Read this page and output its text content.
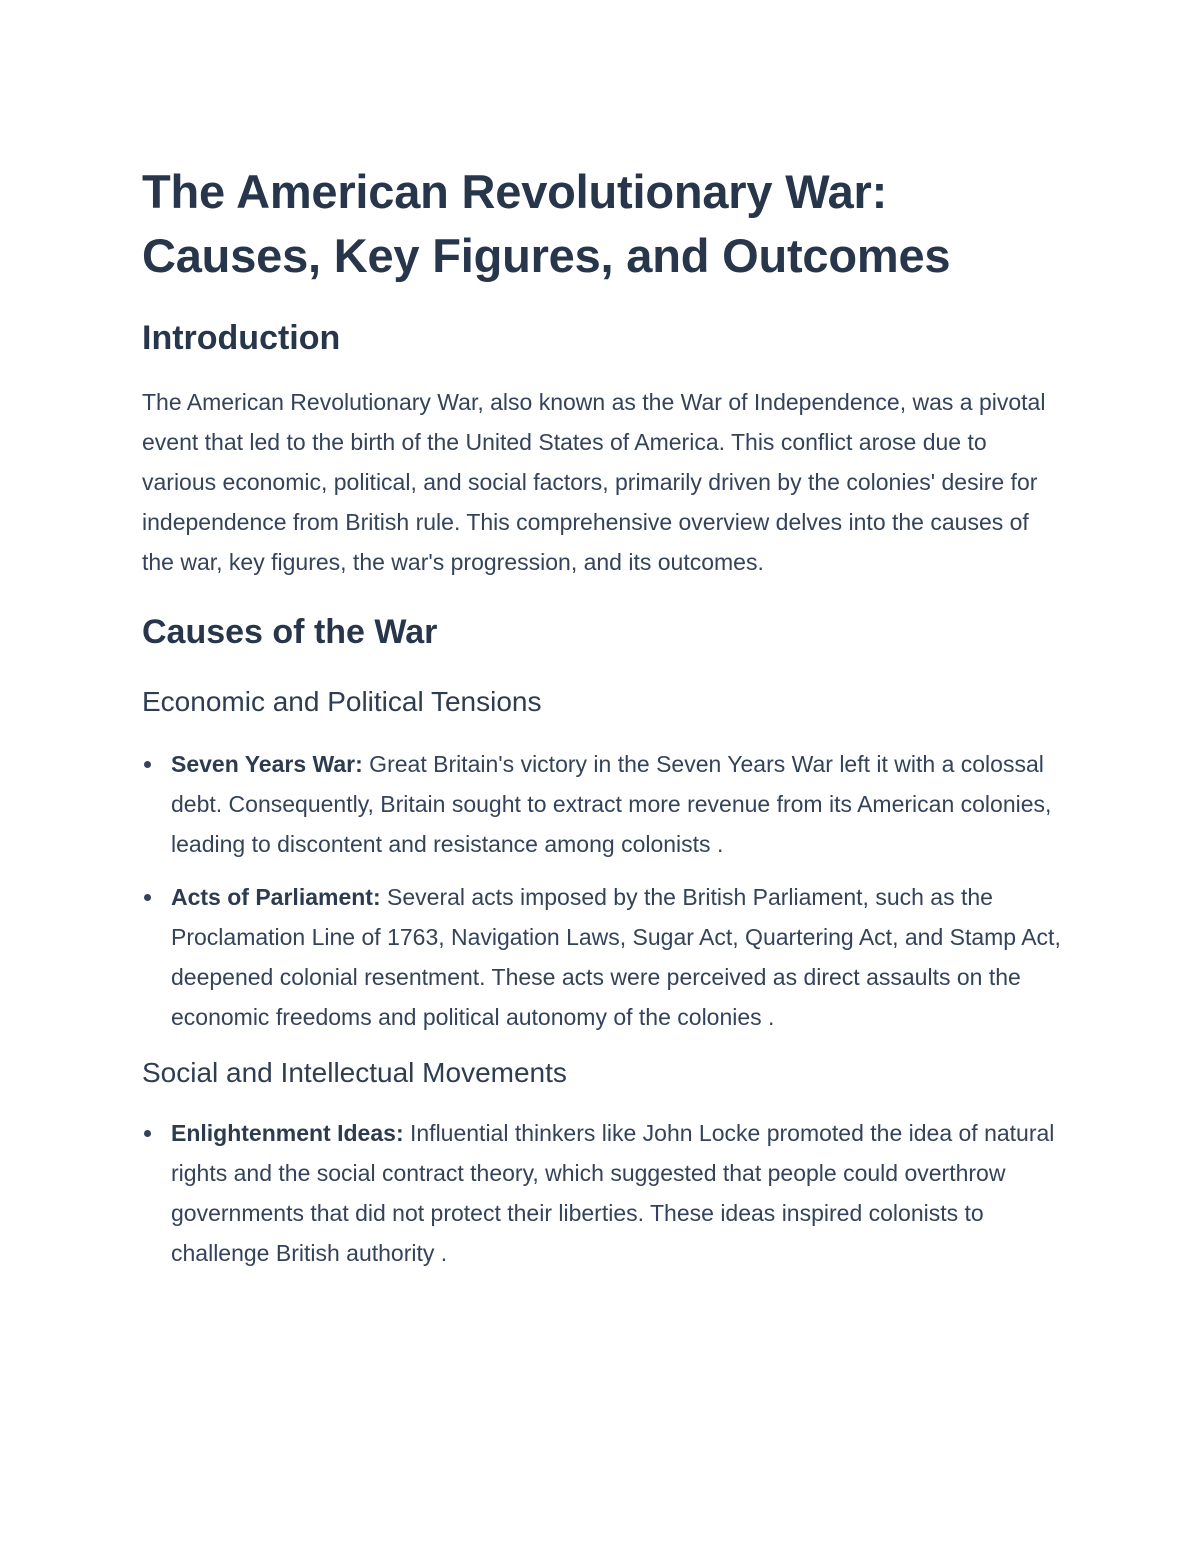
The American Revolutionary War:
Causes, Key Figures, and Outcomes
Introduction

The American Revolutionary War, also known as the War of Independence, was a pivotal event that led to the birth of the United States of America. This conflict arose due to various economic, political, and social factors, primarily driven by the colonies' desire for independence from British rule. This comprehensive overview delves into the causes of the war, key figures, the war's progression, and its outcomes.

Causes of the War
Economic and Political Tensions
Seven Years War: Great Britain's victory in the Seven Years War left it with a colossal debt. Consequently, Britain sought to extract more revenue from its American colonies, leading to discontent and resistance among colonists .
Acts of Parliament: Several acts imposed by the British Parliament, such as the Proclamation Line of 1763, Navigation Laws, Sugar Act, Quartering Act, and Stamp Act, deepened colonial resentment. These acts were perceived as direct assaults on the economic freedoms and political autonomy of the colonies .
Social and Intellectual Movements
Enlightenment Ideas: Influential thinkers like John Locke promoted the idea of natural rights and the social contract theory, which suggested that people could overthrow governments that did not protect their liberties. These ideas inspired colonists to challenge British authority .
